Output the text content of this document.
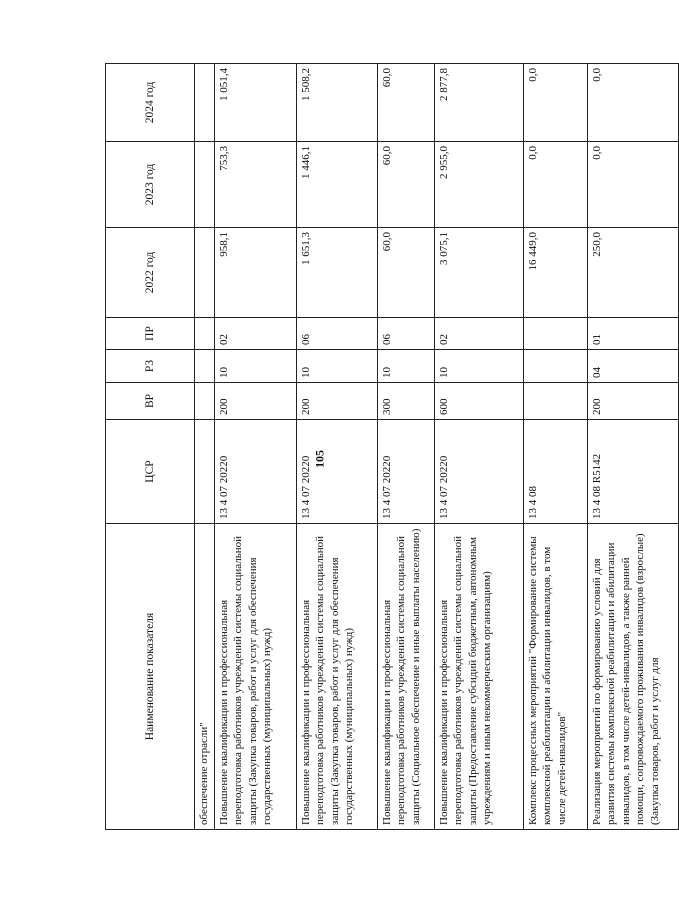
105
Наименование показателя	ЦСР	ВР	РЗ	ПР	2022 год	2023 год	2024 год
обеспечение отрасли"							
Повышение квалификации и профессиональная переподготовка работников учреждений системы социальной защиты (Закупка товаров, работ и услуг для обеспечения государственных (муниципальных) нужд)	13 4 07 20220	200	10	02	958,1	753,3	1 051,4
Повышение квалификации и профессиональная переподготовка работников учреждений системы социальной защиты (Закупка товаров, работ и услуг для обеспечения государственных (муниципальных) нужд)	13 4 07 20220	200	10	06	1 651,3	1 446,1	1 508,2
Повышение квалификации и профессиональная переподготовка работников учреждений системы социальной защиты (Социальное обеспечение и иные выплаты населению)	13 4 07 20220	300	10	06	60,0	60,0	60,0
Повышение квалификации и профессиональная переподготовка работников учреждений системы социальной защиты (Предоставление субсидий бюджетным, автономным учреждениям и иным некоммерческим организациям)	13 4 07 20220	600	10	02	3 075,1	2 955,0	2 877,8
Комплекс процессных мероприятий "Формирование системы комплексной реабилитации и абилитации инвалидов, в том числе детей-инвалидов"	13 4 08				16 449,0	0,0	0,0
Реализация мероприятий по формированию условий для развития системы комплексной реабилитации и абилитации инвалидов, в том числе детей-инвалидов, а также ранней помощи, сопровождаемого проживания инвалидов (взрослые) (Закупка товаров, работ и услуг для	13 4 08 R5142	200	04	01	250,0	0,0	0,0
